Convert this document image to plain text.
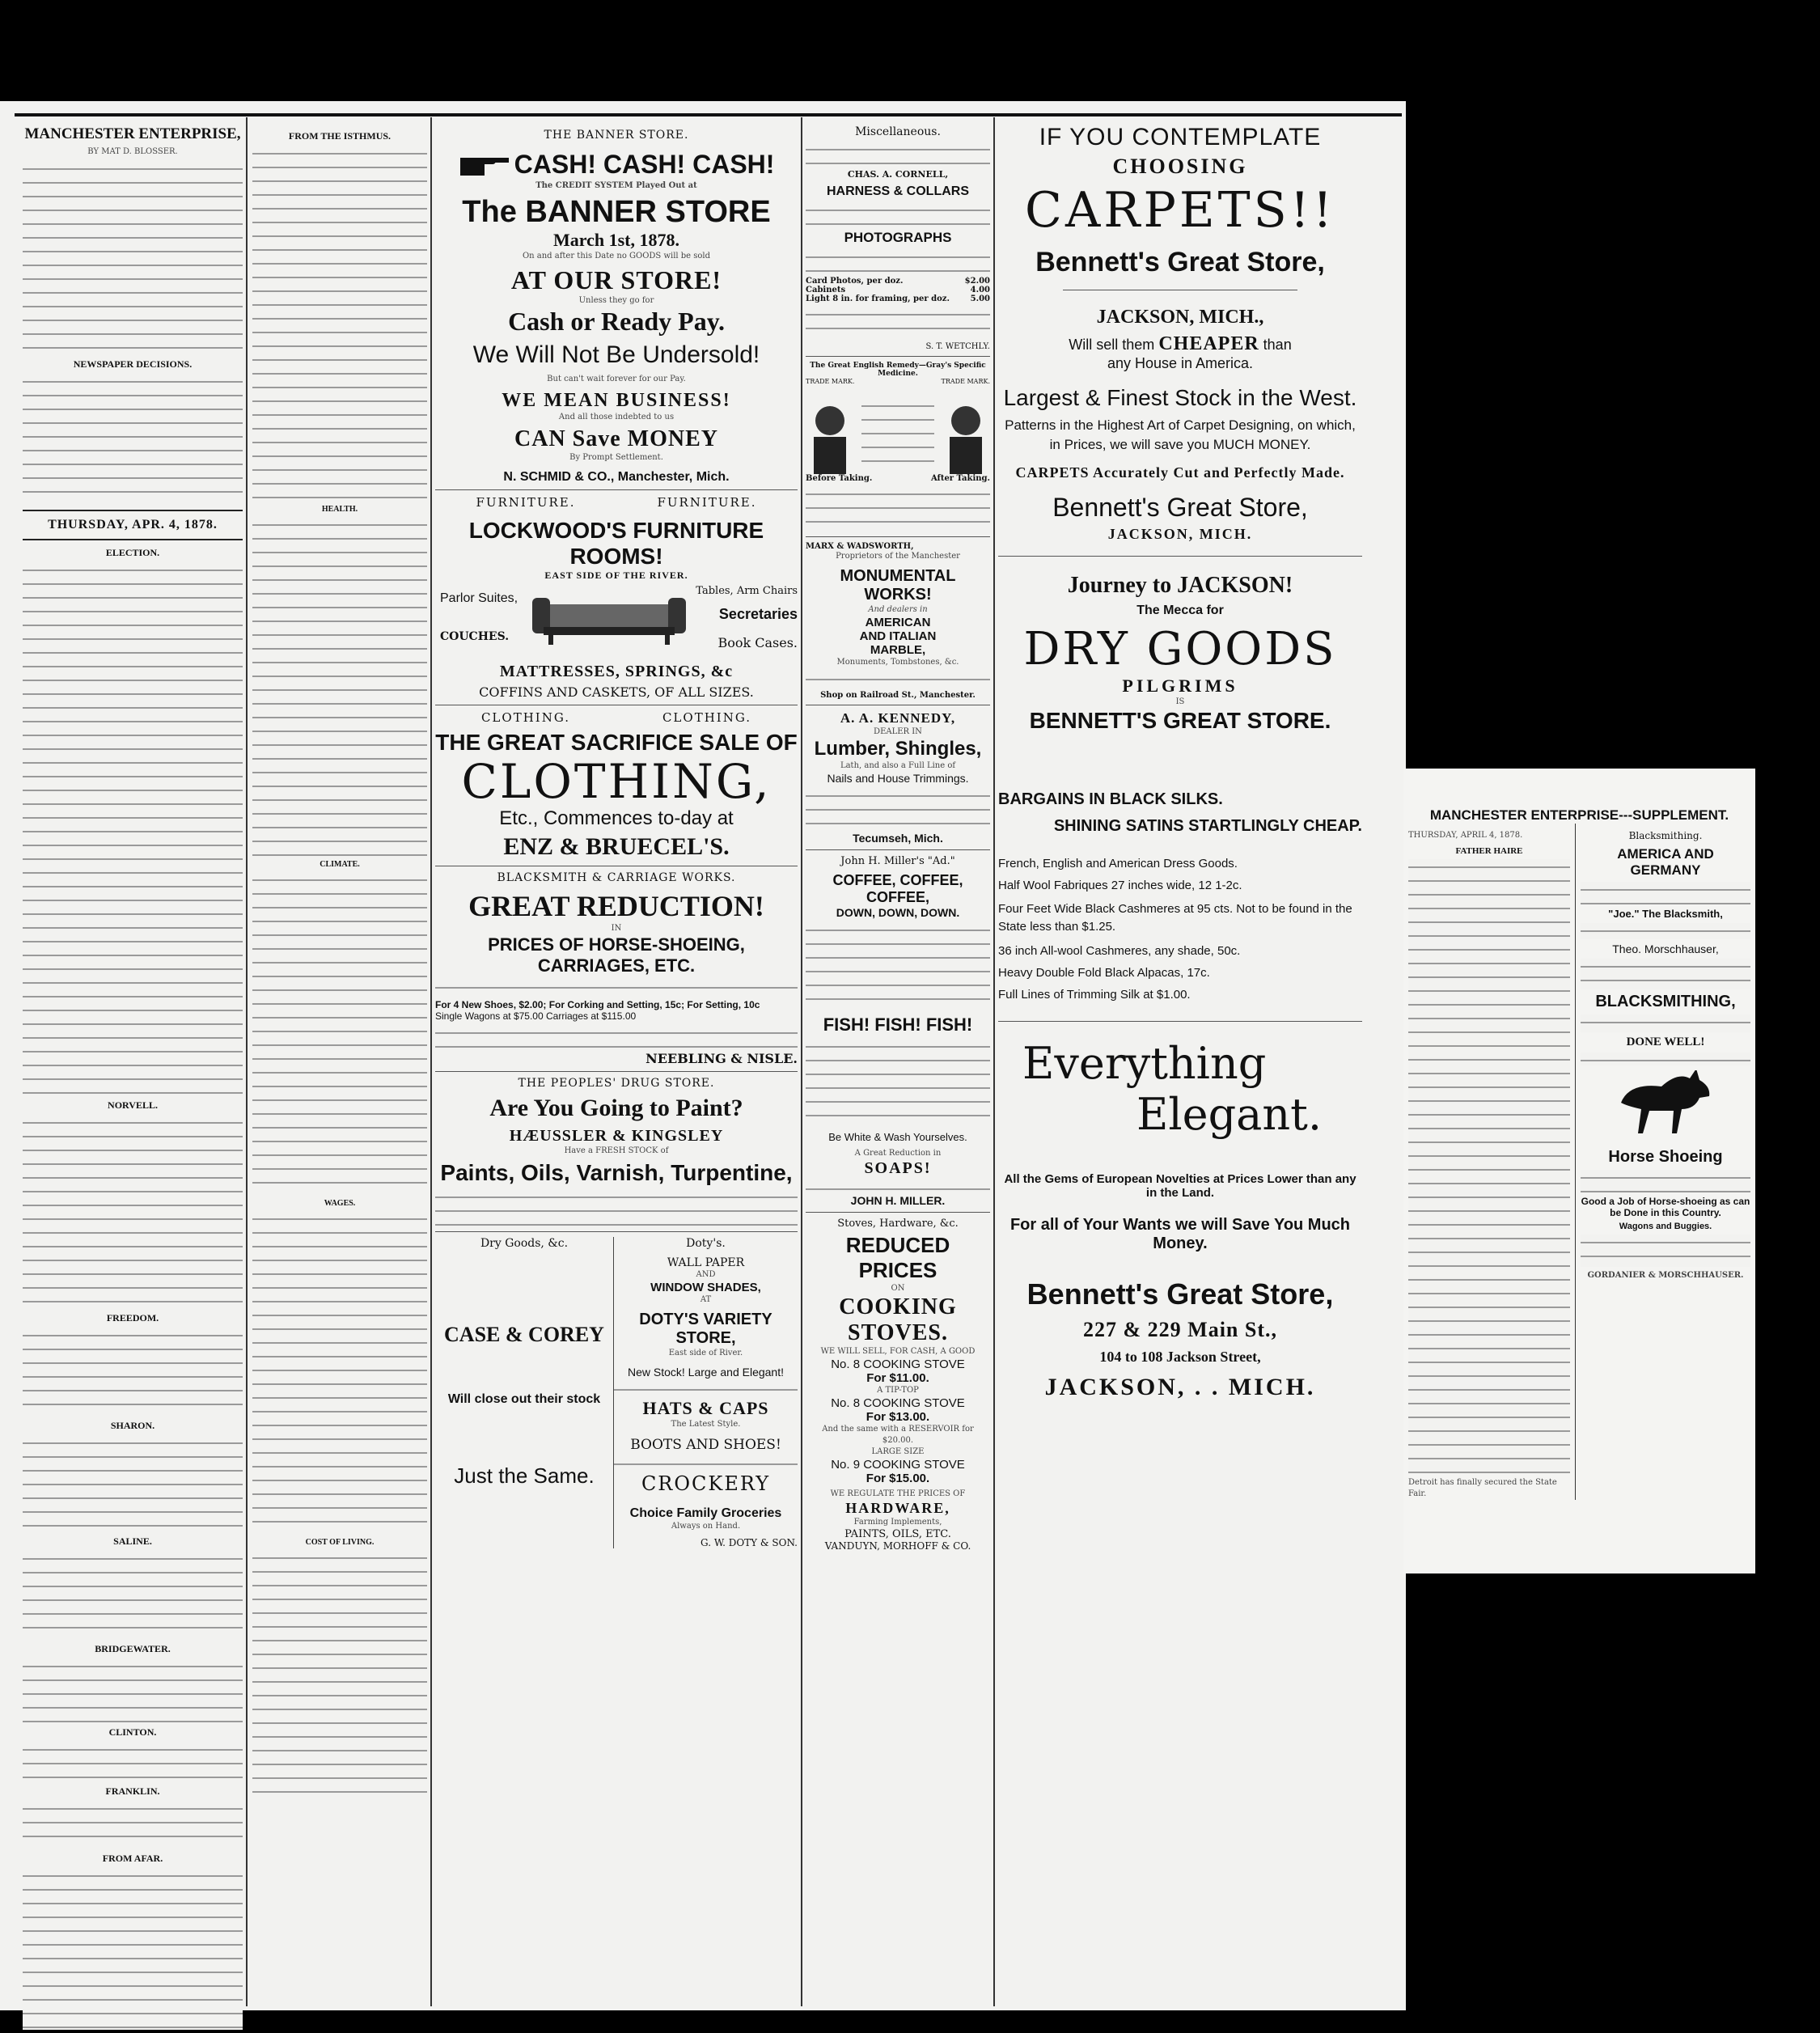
MANCHESTER ENTERPRISE,
BY MAT D. BLOSSER.
NEWSPAPER DECISIONS.
THURSDAY, APR. 4, 1878.
ELECTION.
NORVELL.
FREEDOM.
SHARON.
SALINE.
BRIDGEWATER.
CLINTON.
FRANKLIN.
FROM AFAR.
FROM THE ISTHMUS.
HEALTH.
CLIMATE.
WAGES.
COST OF LIVING.
THE BANNER STORE.
CASH! CASH! CASH!
The CREDIT SYSTEM Played Out at
The BANNER STORE
March 1st, 1878.
On and after this Date no GOODS will be sold
AT OUR STORE!
Unless they go for
Cash or Ready Pay.
We Will Not Be Undersold!
But can't wait forever for our Pay.
WE MEAN BUSINESS!
And all those indebted to us
CAN Save MONEY
By Prompt Settlement.
N. SCHMID & CO., Manchester, Mich.
FURNITURE.	FURNITURE.
LOCKWOOD'S FURNITURE ROOMS!
EAST SIDE OF THE RIVER.
Parlor Suites,
COUCHES.
Tables, Arm Chairs
Secretaries
Book Cases.
MATTRESSES, SPRINGS, &c
COFFINS AND CASKETS, OF ALL SIZES.
CLOTHING.	CLOTHING.
THE GREAT SACRIFICE SALE OF
CLOTHING,
Etc., Commences to-day at
ENZ & BRUECEL'S.
BLACKSMITH & CARRIAGE WORKS.
GREAT REDUCTION!
IN
PRICES OF HORSE-SHOEING, CARRIAGES, ETC.
For 4 New Shoes, $2.00; For Corking and Setting, 15c; For Setting, 10c
Single Wagons at $75.00 Carriages at $115.00
NEEBLING & NISLE.
THE PEOPLES' DRUG STORE.
Are You Going to Paint?
HÆUSSLER & KINGSLEY
Have a FRESH STOCK of
Paints, Oils, Varnish, Turpentine,
Dry Goods, &c.
CASE & COREY
Will close out their stock
Just the Same.
Doty's.
WALL PAPER
AND
WINDOW SHADES,
AT
DOTY'S VARIETY STORE,
East side of River.
New Stock! Large and Elegant!
HATS & CAPS
The Latest Style.
BOOTS AND SHOES!
CROCKERY
Choice Family Groceries
Always on Hand.
G. W. DOTY & SON.
Miscellaneous.
CHAS. A. CORNELL,
HARNESS & COLLARS
PHOTOGRAPHS
Card Photos, per doz.	$2.00
Cabinets	4.00
Light 8 in. for framing, per doz.	5.00
S. T. WETCHLY.
The Great English Remedy—Gray's Specific Medicine.
TRADE MARK.	TRADE MARK.
Before Taking.	After Taking.
MARX & WADSWORTH,
Proprietors of the Manchester
MONUMENTAL WORKS!
And dealers in
AMERICAN
AND ITALIAN
MARBLE,
Monuments, Tombstones, &c.
Shop on Railroad St., Manchester.
A. A. KENNEDY,
DEALER IN
Lumber, Shingles,
Lath, and also a Full Line of
Nails and House Trimmings.
Tecumseh, Mich.
John H. Miller's "Ad."
COFFEE, COFFEE, COFFEE,
DOWN, DOWN, DOWN.
FISH! FISH! FISH!
Be White & Wash Yourselves.
A Great Reduction in
SOAPS!
JOHN H. MILLER.
Stoves, Hardware, &c.
REDUCED PRICES
ON
COOKING
STOVES.
WE WILL SELL, FOR CASH, A GOOD
No. 8 COOKING STOVE
For $11.00.
A TIP-TOP
No. 8 COOKING STOVE
For $13.00.
And the same with a RESERVOIR for $20.00.
LARGE SIZE
No. 9 COOKING STOVE
For $15.00.
WE REGULATE THE PRICES OF
HARDWARE,
Farming Implements,
PAINTS, OILS, ETC.
VANDUYN, MORHOFF & CO.
IF YOU CONTEMPLATE
CHOOSING
CARPETS!!
Bennett's Great Store,
JACKSON, MICH.,
Will sell them CHEAPER than
any House in America.
Largest & Finest Stock in the West.
Patterns in the Highest Art of Carpet Designing, on which, in Prices, we will save you MUCH MONEY.
CARPETS Accurately Cut and Perfectly Made.
Bennett's Great Store,
JACKSON, MICH.
Journey to JACKSON!
The Mecca for
DRY GOODS
PILGRIMS
IS
BENNETT'S GREAT STORE.
BARGAINS IN BLACK SILKS.
SHINING SATINS STARTLINGLY CHEAP.
French, English and American Dress Goods.
Half Wool Fabriques 27 inches wide, 12 1-2c.
Four Feet Wide Black Cashmeres at 95 cts. Not to be found in the State less than $1.25.
36 inch All-wool Cashmeres, any shade, 50c.
Heavy Double Fold Black Alpacas, 17c.
Full Lines of Trimming Silk at $1.00.
Everything
Elegant.
All the Gems of European Novelties at Prices Lower than any in the Land.
For all of Your Wants we will Save You Much Money.
Bennett's Great Store,
227 & 229 Main St.,
104 to 108 Jackson Street,
JACKSON, . . MICH.
MANCHESTER ENTERPRISE---SUPPLEMENT.
THURSDAY, APRIL 4, 1878.
FATHER HAIRE
Detroit has finally secured the State Fair.
Blacksmithing.
AMERICA AND GERMANY
"Joe." The Blacksmith,
Theo. Morschhauser,
BLACKSMITHING,
DONE WELL!
Horse Shoeing
Good a Job of Horse-shoeing as can be Done in this Country.
Wagons and Buggies.
GORDANIER & MORSCHHAUSER.
